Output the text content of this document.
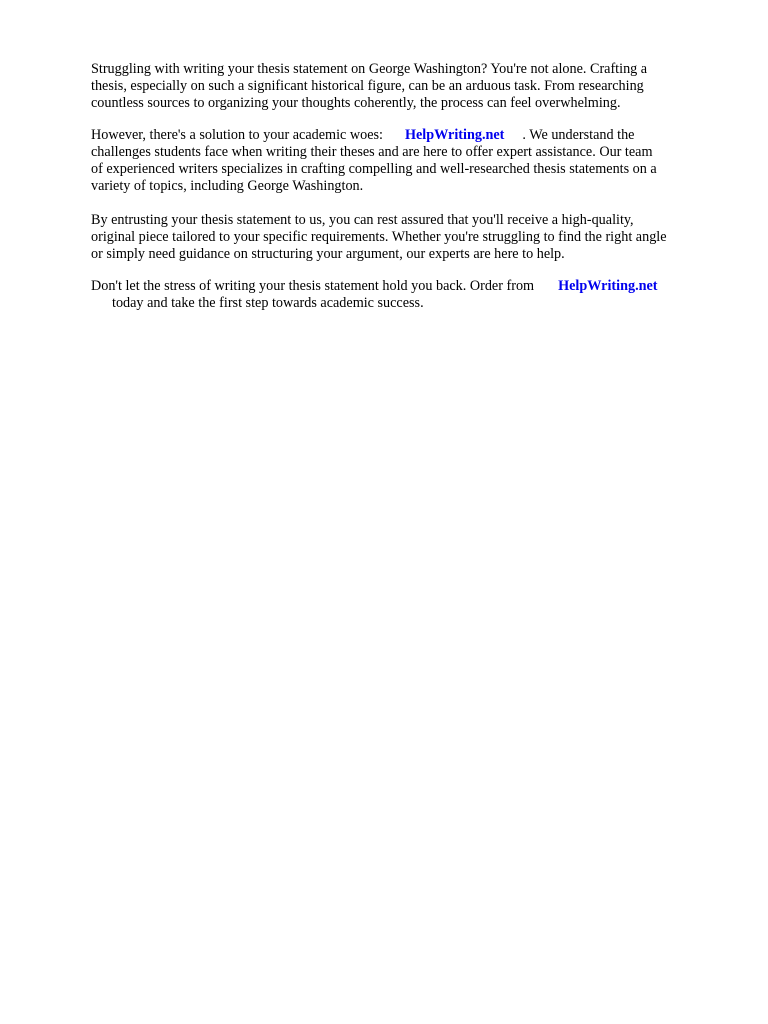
Struggling with writing your thesis statement on George Washington? You're not alone. Crafting a
thesis, especially on such a significant historical figure, can be an arduous task. From researching
countless sources to organizing your thoughts coherently, the process can feel overwhelming.

However, there's a solution to your academic woes: HelpWriting.net . We understand the
challenges students face when writing their theses and are here to offer expert assistance. Our team
of experienced writers specializes in crafting compelling and well-researched thesis statements on a
variety of topics, including George Washington.

By entrusting your thesis statement to us, you can rest assured that you'll receive a high-quality,
original piece tailored to your specific requirements. Whether you're struggling to find the right angle
or simply need guidance on structuring your argument, our experts are here to help.

Don't let the stress of writing your thesis statement hold you back. Order from HelpWriting.net
today and take the first step towards academic success.
